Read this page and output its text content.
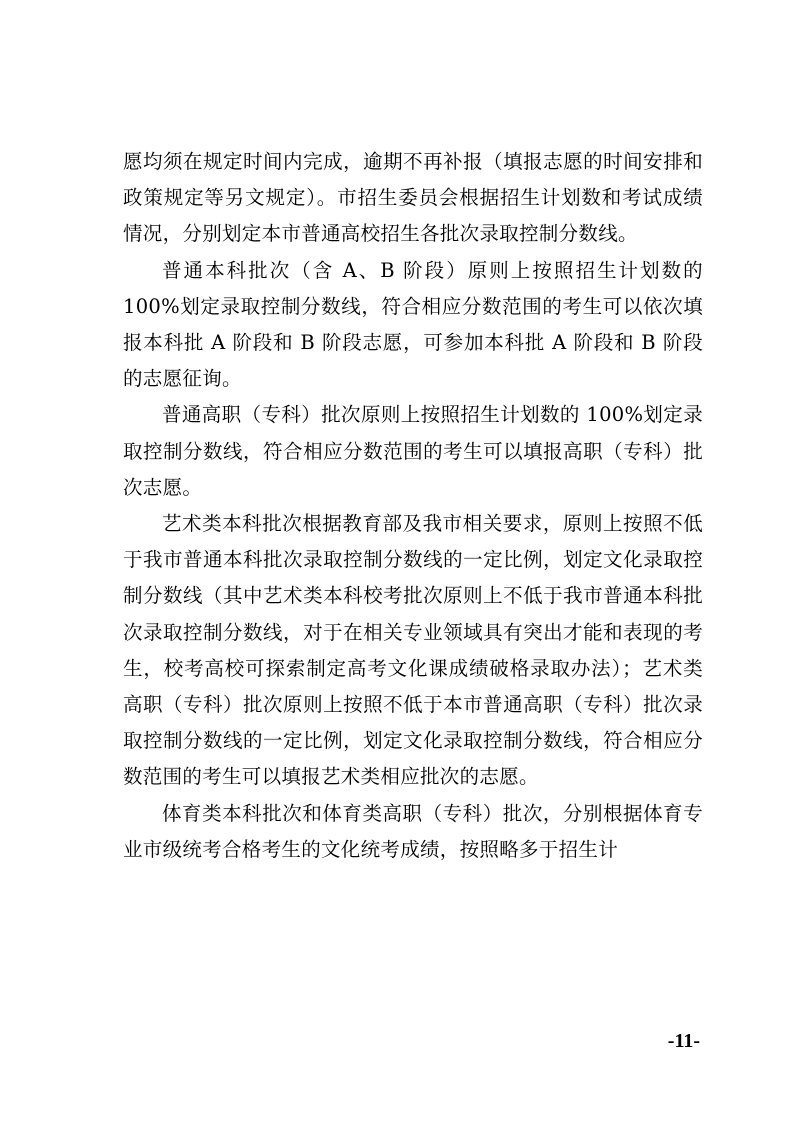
愿均须在规定时间内完成，逾期不再补报（填报志愿的时间安排和政策规定等另文规定）。市招生委员会根据招生计划数和考试成绩情况，分别划定本市普通高校招生各批次录取控制分数线。

普通本科批次（含 A、B 阶段）原则上按照招生计划数的100%划定录取控制分数线，符合相应分数范围的考生可以依次填报本科批 A 阶段和 B 阶段志愿，可参加本科批 A 阶段和 B 阶段的志愿征询。

普通高职（专科）批次原则上按照招生计划数的 100%划定录取控制分数线，符合相应分数范围的考生可以填报高职（专科）批次志愿。

艺术类本科批次根据教育部及我市相关要求，原则上按照不低于我市普通本科批次录取控制分数线的一定比例，划定文化录取控制分数线（其中艺术类本科校考批次原则上不低于我市普通本科批次录取控制分数线，对于在相关专业领域具有突出才能和表现的考生，校考高校可探索制定高考文化课成绩破格录取办法）；艺术类高职（专科）批次原则上按照不低于本市普通高职（专科）批次录取控制分数线的一定比例，划定文化录取控制分数线，符合相应分数范围的考生可以填报艺术类相应批次的志愿。

体育类本科批次和体育类高职（专科）批次，分别根据体育专业市级统考合格考生的文化统考成绩，按照略多于招生计

-11-
